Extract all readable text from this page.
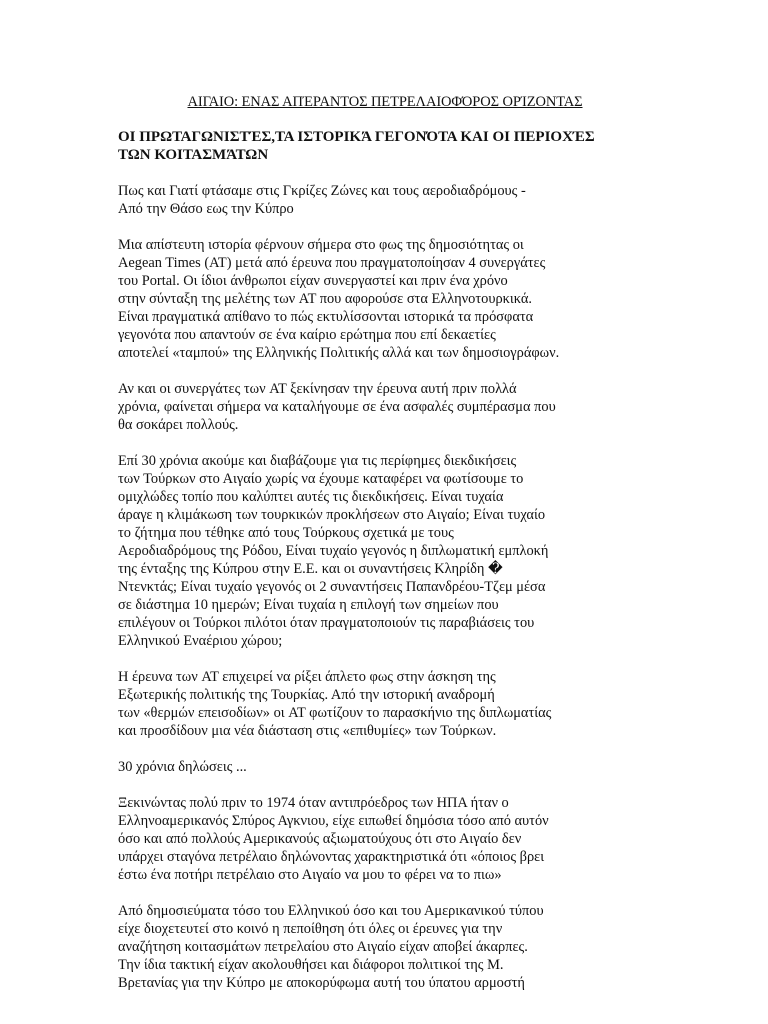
ΑΙΓΑΙΟ: ΕΝΑΣ ΑΠΈΡΑΝΤΟΣ ΠΕΤΡΕΛΑΙΟΦΌΡΟΣ ΟΡΊΖΟΝΤΑΣ
ΟΙ ΠΡΩΤΑΓΩΝΙΣΤΈΣ,ΤΑ ΙΣΤΟΡΙΚΆ ΓΕΓΟΝΌΤΑ ΚΑΙ ΟΙ ΠΕΡΙΟΧΈΣ
ΤΩΝ ΚΟΙΤΑΣΜΆΤΩΝ
Πως και Γιατί φτάσαμε στις Γκρίζες Ζώνες και τους αεροδιαδρόμους -
Από την Θάσο εως την Κύπρο
Μια απίστευτη ιστορία φέρνουν σήμερα στο φως της δημοσιότητας οι
Aegean Times (AT) μετά από έρευνα που πραγματοποίησαν 4 συνεργάτες
του Portal. Οι ίδιοι άνθρωποι είχαν συνεργαστεί και πριν ένα χρόνο
στην σύνταξη της μελέτης των AT που αφορούσε στα Ελληνοτουρκικά.
Είναι πραγματικά απίθανο το πώς εκτυλίσσονται ιστορικά τα πρόσφατα
γεγονότα που απαντούν σε ένα καίριο ερώτημα που επί δεκαετίες
αποτελεί «ταμπού» της Ελληνικής Πολιτικής αλλά και των δημοσιογράφων.
Αν και οι συνεργάτες των AT ξεκίνησαν την έρευνα αυτή πριν πολλά
χρόνια, φαίνεται σήμερα να καταλήγουμε σε ένα ασφαλές συμπέρασμα που
θα σοκάρει πολλούς.
Επί 30 χρόνια ακούμε και διαβάζουμε για τις περίφημες διεκδικήσεις
των Τούρκων στο Αιγαίο χωρίς να έχουμε καταφέρει να φωτίσουμε το
ομιχλώδες τοπίο που καλύπτει αυτές τις διεκδικήσεις. Είναι τυχαία
άραγε η κλιμάκωση των τουρκικών προκλήσεων στο Αιγαίο; Είναι τυχαίο
το ζήτημα που τέθηκε από τους Τούρκους σχετικά με τους
Αεροδιαδρόμους της Ρόδου, Είναι τυχαίο γεγονός η διπλωματική εμπλοκή
της ένταξης της Κύπρου στην Ε.Ε. και οι συναντήσεις Κληρίδη �
Ντενκτάς; Είναι τυχαίο γεγονός οι 2 συναντήσεις Παπανδρέου-Τζεμ μέσα
σε διάστημα 10 ημερών; Είναι τυχαία η επιλογή των σημείων που
επιλέγουν οι Τούρκοι πιλότοι όταν πραγματοποιούν τις παραβιάσεις του
Ελληνικού Εναέριου χώρου;
Η έρευνα των AT επιχειρεί να ρίξει άπλετο φως στην άσκηση της
Εξωτερικής πολιτικής της Τουρκίας. Από την ιστορική αναδρομή
των «θερμών επεισοδίων» οι AT φωτίζουν το παρασκήνιο της διπλωματίας
και προσδίδουν μια νέα διάσταση στις «επιθυμίες» των Τούρκων.
30 χρόνια δηλώσεις ...
Ξεκινώντας πολύ πριν το 1974 όταν αντιπρόεδρος των ΗΠΑ ήταν ο
Ελληνοαμερικανός Σπύρος Αγκνιου, είχε ειπωθεί δημόσια τόσο από αυτόν
όσο και από πολλούς Αμερικανούς αξιωματούχους ότι στο Αιγαίο δεν
υπάρχει σταγόνα πετρέλαιο δηλώνοντας χαρακτηριστικά ότι «όποιος βρει
έστω ένα ποτήρι πετρέλαιο στο Αιγαίο να μου το φέρει να το πιω»
Από δημοσιεύματα τόσο του Ελληνικού όσο και του Αμερικανικού τύπου
είχε διοχετευτεί στο κοινό η πεποίθηση ότι όλες οι έρευνες για την
αναζήτηση κοιτασμάτων πετρελαίου στο Αιγαίο είχαν αποβεί άκαρπες.
Την ίδια τακτική είχαν ακολουθήσει και διάφοροι πολιτικοί της Μ.
Βρετανίας για την Κύπρο με αποκορύφωμα αυτή του ύπατου αρμοστή
